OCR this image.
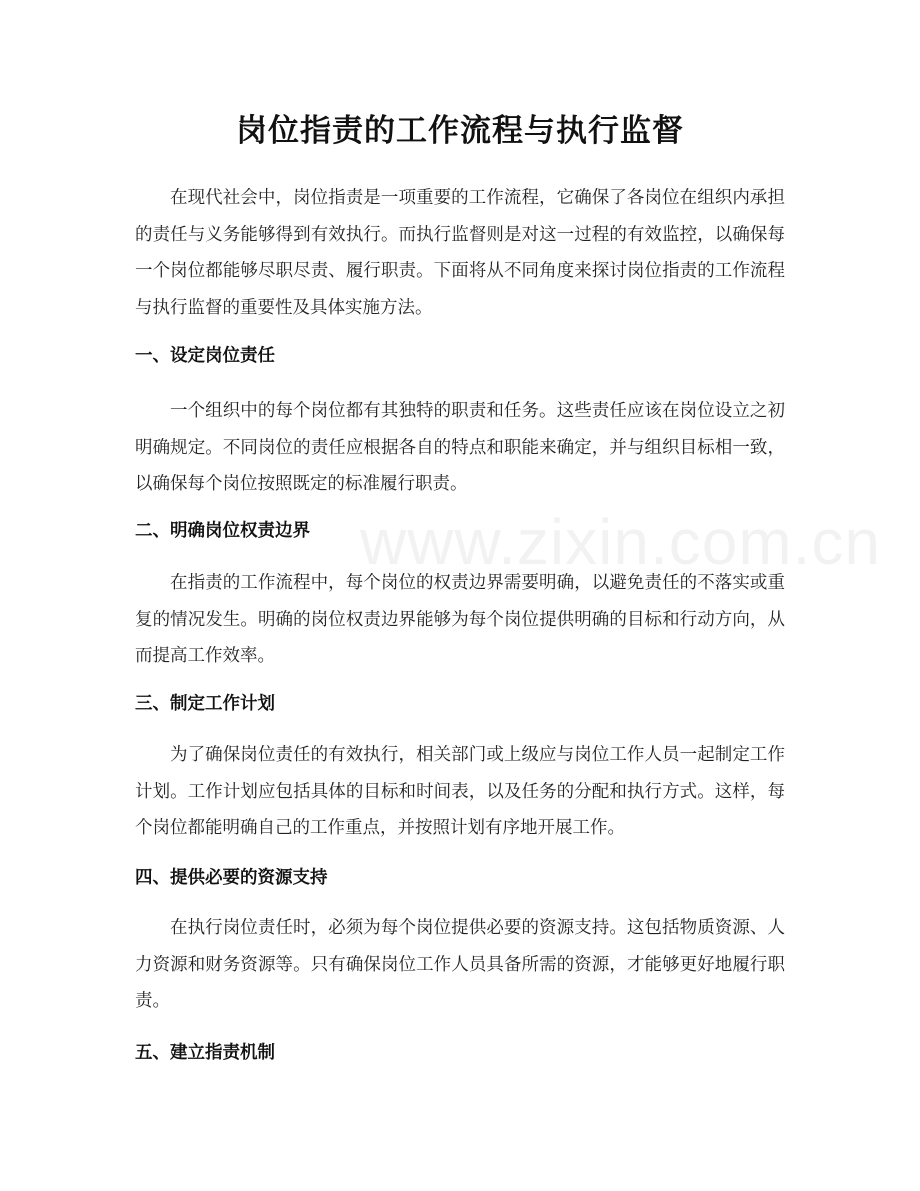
www.zixin.com.cn
岗位指责的工作流程与执行监督

在现代社会中，岗位指责是一项重要的工作流程，它确保了各岗位在组织内承担的责任与义务能够得到有效执行。而执行监督则是对这一过程的有效监控，以确保每一个岗位都能够尽职尽责、履行职责。下面将从不同角度来探讨岗位指责的工作流程与执行监督的重要性及具体实施方法。

一、设定岗位责任

一个组织中的每个岗位都有其独特的职责和任务。这些责任应该在岗位设立之初明确规定。不同岗位的责任应根据各自的特点和职能来确定，并与组织目标相一致，以确保每个岗位按照既定的标准履行职责。

二、明确岗位权责边界

在指责的工作流程中，每个岗位的权责边界需要明确，以避免责任的不落实或重复的情况发生。明确的岗位权责边界能够为每个岗位提供明确的目标和行动方向，从而提高工作效率。

三、制定工作计划

为了确保岗位责任的有效执行，相关部门或上级应与岗位工作人员一起制定工作计划。工作计划应包括具体的目标和时间表，以及任务的分配和执行方式。这样，每个岗位都能明确自己的工作重点，并按照计划有序地开展工作。

四、提供必要的资源支持

在执行岗位责任时，必须为每个岗位提供必要的资源支持。这包括物质资源、人力资源和财务资源等。只有确保岗位工作人员具备所需的资源，才能够更好地履行职责。

五、建立指责机制
